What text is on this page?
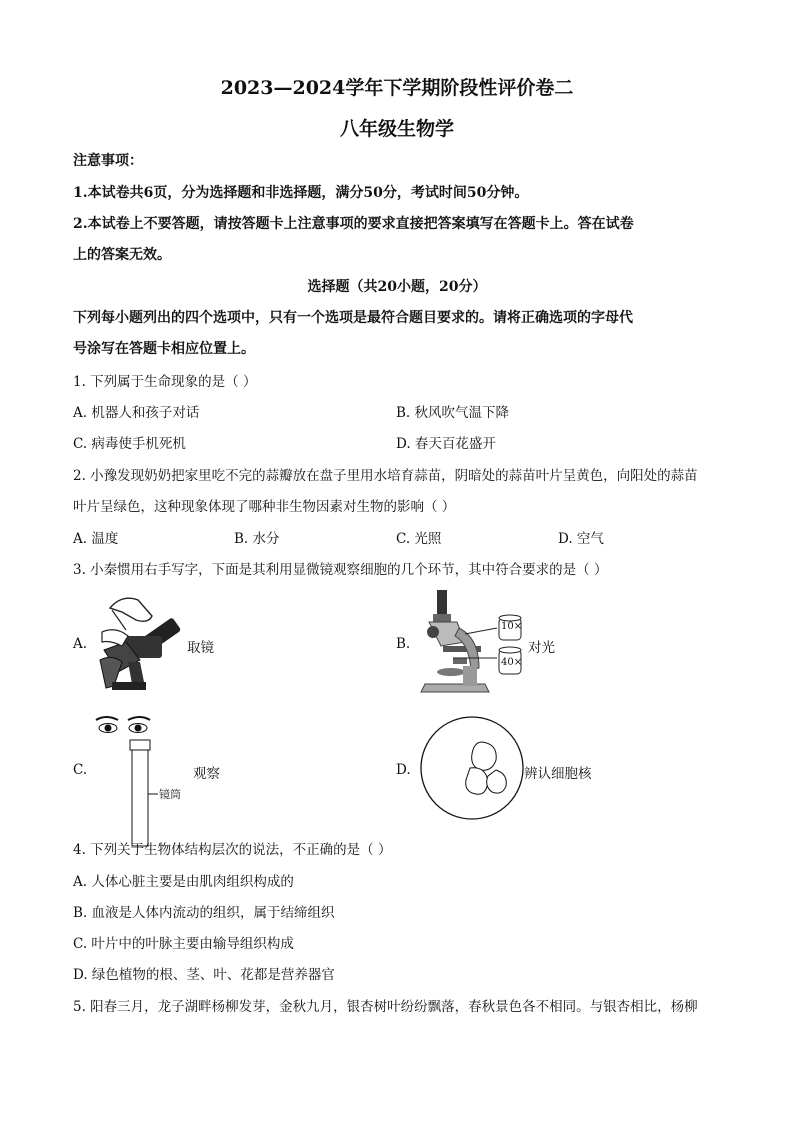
2023—2024学年下学期阶段性评价卷二
八年级生物学
注意事项：
1.本试卷共6页，分为选择题和非选择题，满分50分，考试时间50分钟。
2.本试卷上不要答题，请按答题卡上注意事项的要求直接把答案填写在答题卡上。答在试卷
上的答案无效。
选择题（共20小题，20分）
下列每小题列出的四个选项中，只有一个选项是最符合题目要求的。请将正确选项的字母代
号涂写在答题卡相应位置上。
1. 下列属于生命现象的是（ ）
A. 机器人和孩子对话	B. 秋风吹气温下降
C. 病毒使手机死机	D. 春天百花盛开
2. 小豫发现奶奶把家里吃不完的蒜瓣放在盘子里用水培育蒜苗，阴暗处的蒜苗叶片呈黄色，向阳处的蒜苗
叶片呈绿色，这种现象体现了哪种非生物因素对生物的影响（ ）
A. 温度	B. 水分	C. 光照	D. 空气
3. 小秦惯用右手写字，下面是其利用显微镜观察细胞的几个环节，其中符合要求的是（ ）
A.	取镜	B.
10×
40×
对光
C.
镜筒
观察	D.	辨认细胞核
4. 下列关于生物体结构层次的说法，不正确的是（ ）
A. 人体心脏主要是由肌肉组织构成的
B. 血液是人体内流动的组织，属于结缔组织
C. 叶片中的叶脉主要由输导组织构成
D. 绿色植物的根、茎、叶、花都是营养器官
5. 阳春三月，龙子湖畔杨柳发芽，金秋九月，银杏树叶纷纷飘落，春秋景色各不相同。与银杏相比，杨柳
